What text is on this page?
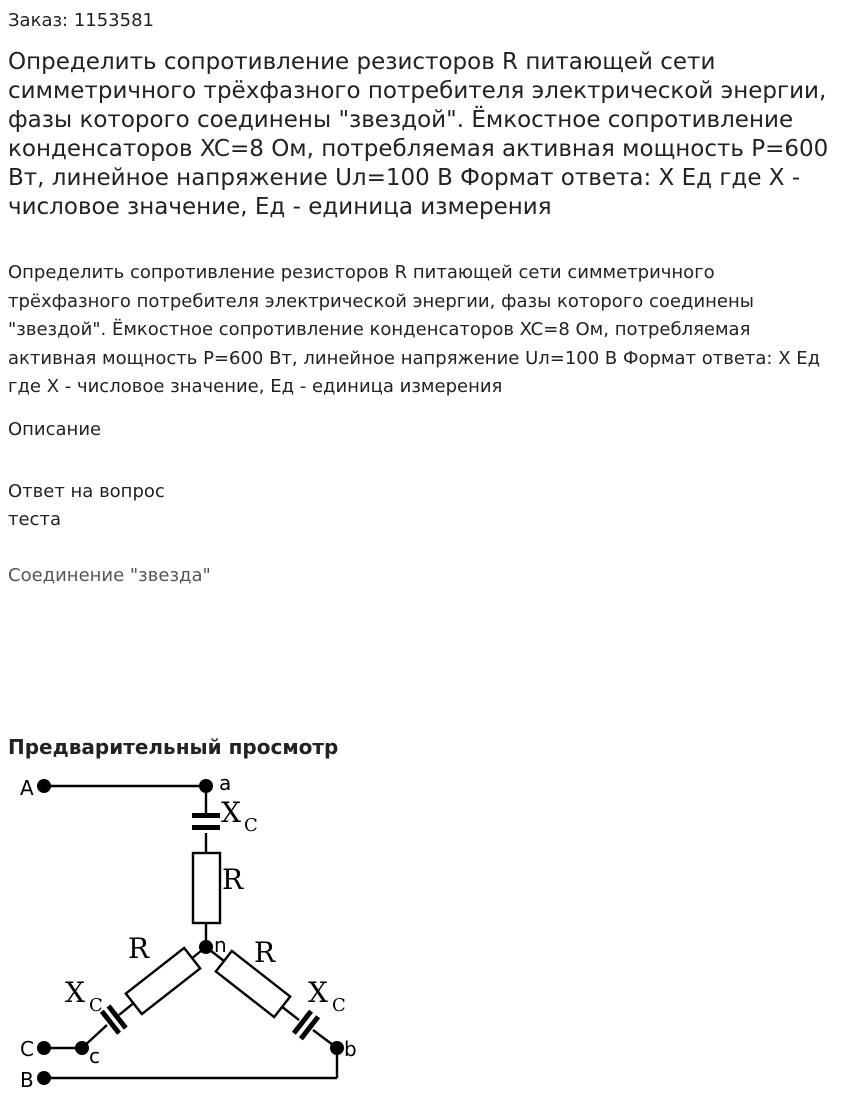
Заказ: 1153581
Определить сопротивление резисторов R питающей сети симметричного трёхфазного потребителя электрической энергии, фазы которого соединены "звездой". Ёмкостное сопротивление конденсаторов XC=8 Ом, потребляемая активная мощность P=600 Вт, линейное напряжение Uл=100 В Формат ответа: X Ед где X - числовое значение, Ед - единица измерения

Определить сопротивление резисторов R питающей сети симметричного трёхфазного потребителя электрической энергии, фазы которого соединены "звездой". Ёмкостное сопротивление конденсаторов XC=8 Ом, потребляемая активная мощность P=600 Вт, линейное напряжение Uл=100 В Формат ответа: X Ед где X - числовое значение, Ед - единица измерения

Описание
Ответ на вопрос теста
Соединение "звезда"
Предварительный просмотр
A	a
n
C	c	b
B
X C
R
R
X C
R
X C
